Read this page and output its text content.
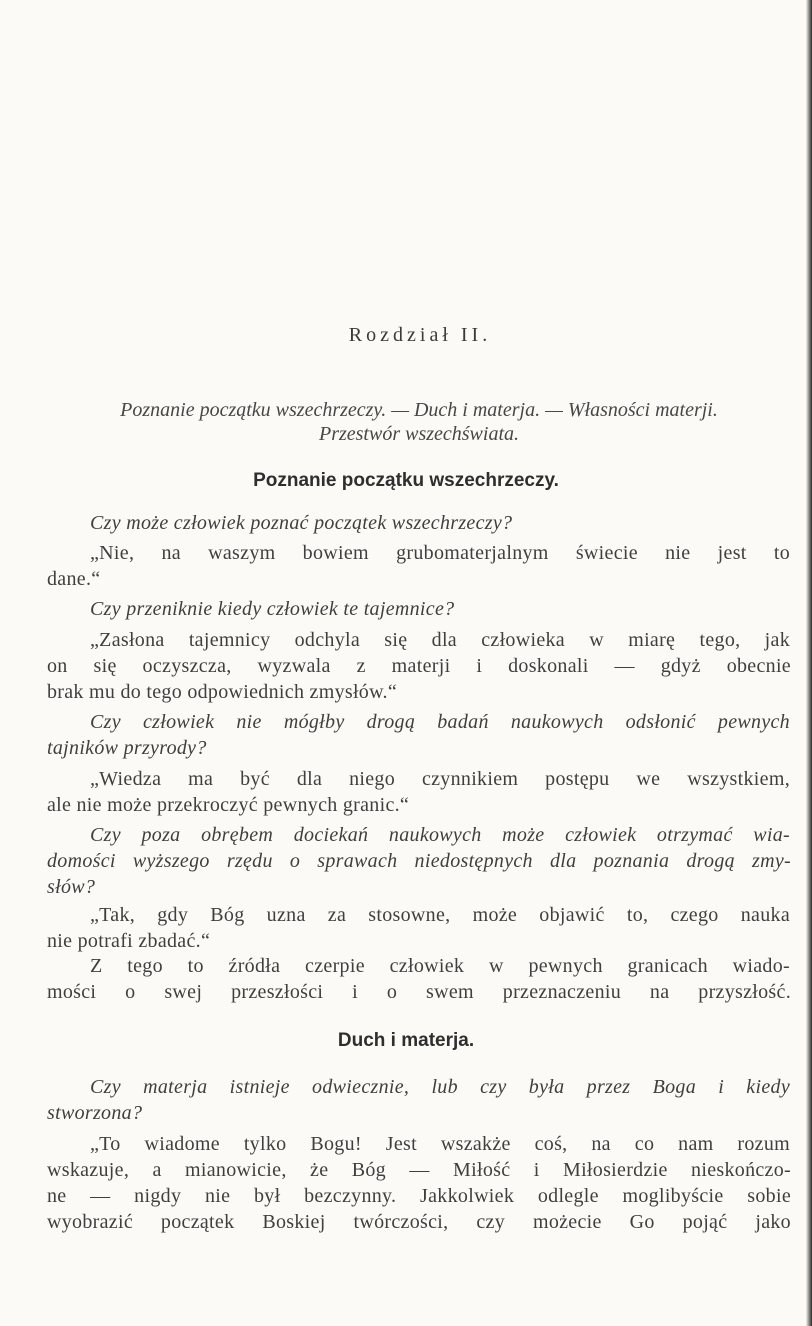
Rozdział II.
Poznanie początku wszechrzeczy. — Duch i materja. — Własności materji.
Przestwór wszechświata.
Poznanie początku wszechrzeczy.
Czy może człowiek poznać początek wszechrzeczy?
„Nie, na waszym bowiem grubomaterjalnym świecie nie jest to
dane.“
Czy przeniknie kiedy człowiek te tajemnice?
„Zasłona tajemnicy odchyla się dla człowieka w miarę tego, jak
on się oczyszcza, wyzwala z materji i doskonali — gdyż obecnie
brak mu do tego odpowiednich zmysłów.“
Czy człowiek nie mógłby drogą badań naukowych odsłonić pewnych
tajników przyrody?
„Wiedza ma być dla niego czynnikiem postępu we wszystkiem,
ale nie może przekroczyć pewnych granic.“
Czy poza obrębem dociekań naukowych może człowiek otrzymać wia-
domości wyższego rzędu o sprawach niedostępnych dla poznania drogą zmy-
słów?
„Tak, gdy Bóg uzna za stosowne, może objawić to, czego nauka
nie potrafi zbadać.“
Z tego to źródła czerpie człowiek w pewnych granicach wiado-
mości o swej przeszłości i o swem przeznaczeniu na przyszłość.
Duch i materja.
Czy materja istnieje odwiecznie, lub czy była przez Boga i kiedy
stworzona?
„To wiadome tylko Bogu! Jest wszakże coś, na co nam rozum
wskazuje, a mianowicie, że Bóg — Miłość i Miłosierdzie nieskończo-
ne — nigdy nie był bezczynny. Jakkolwiek odlegle moglibyście sobie
wyobrazić początek Boskiej twórczości, czy możecie Go pojąć jako
